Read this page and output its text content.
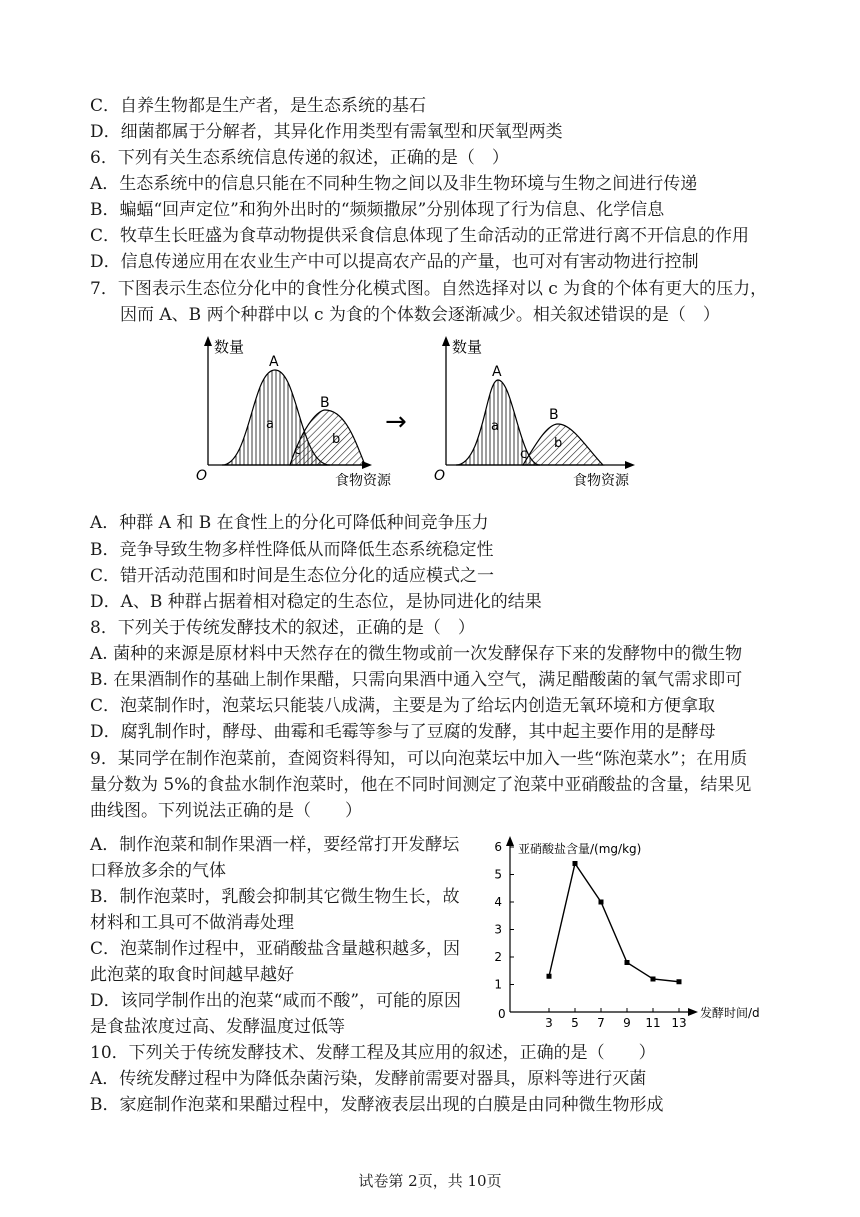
C．自养生物都是生产者，是生态系统的基石
D．细菌都属于分解者，其异化作用类型有需氧型和厌氧型两类
6．下列有关生态系统信息传递的叙述，正确的是（　）
A．生态系统中的信息只能在不同种生物之间以及非生物环境与生物之间进行传递
B．蝙蝠“回声定位”和狗外出时的“频频撒尿”分别体现了行为信息、化学信息
C．牧草生长旺盛为食草动物提供采食信息体现了生命活动的正常进行离不开信息的作用
D．信息传递应用在农业生产中可以提高农产品的产量，也可对有害动物进行控制
7．下图表示生态位分化中的食性分化模式图。自然选择对以 c 为食的个体有更大的压力，
因而 A、B 两个种群中以 c 为食的个体数会逐渐减少。相关叙述错误的是（　）
数量
O	食物资源
A
B
a
b
c
→
数量
O	食物资源
A
B
a
b
c
A．种群 A 和 B 在食性上的分化可降低种间竞争压力
B．竞争导致生物多样性降低从而降低生态系统稳定性
C．错开活动范围和时间是生态位分化的适应模式之一
D．A、B 种群占据着相对稳定的生态位，是协同进化的结果
8．下列关于传统发酵技术的叙述，正确的是（　）
A. 菌种的来源是原材料中天然存在的微生物或前一次发酵保存下来的发酵物中的微生物
B. 在果酒制作的基础上制作果醋，只需向果酒中通入空气，满足醋酸菌的氧气需求即可
C．泡菜制作时，泡菜坛只能装八成满，主要是为了给坛内创造无氧环境和方便拿取
D．腐乳制作时，酵母、曲霉和毛霉等参与了豆腐的发酵，其中起主要作用的是酵母
9．某同学在制作泡菜前，查阅资料得知，可以向泡菜坛中加入一些“陈泡菜水”；在用质
量分数为 5%的食盐水制作泡菜时，他在不同时间测定了泡菜中亚硝酸盐的含量，结果见
曲线图。下列说法正确的是（　　）
A．制作泡菜和制作果酒一样，要经常打开发酵坛口释放多余的气体
B．制作泡菜时，乳酸会抑制其它微生物生长，故材料和工具可不做消毒处理
C．泡菜制作过程中，亚硝酸盐含量越积越多，因此泡菜的取食时间越早越好
D．该同学制作出的泡菜“咸而不酸”，可能的原因是食盐浓度过高、发酵温度过低等
亚硝酸盐含量/(mg/kg)
发酵时间/d
0
3 5 7 9 11 13
1
2
3
4
5
6
10．下列关于传统发酵技术、发酵工程及其应用的叙述，正确的是（　　）
A．传统发酵过程中为降低杂菌污染，发酵前需要对器具，原料等进行灭菌
B．家庭制作泡菜和果醋过程中，发酵液表层出现的白膜是由同种微生物形成
试卷第 2页，共 10页
